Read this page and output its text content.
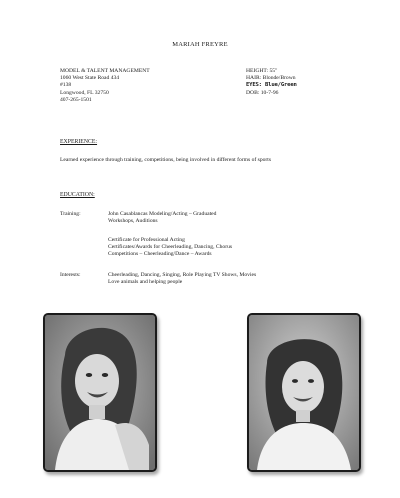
MARIAH FREYRE
MODEL & TALENT MANAGEMENT
1060 West State Road 434
#138
Longwood, FL 32750
407-265-1501
HEIGHT: 55"
HAIR: Blonde/Brown
EYES: Blue/Green
DOB: 10-7-96
EXPERIENCE:
Learned experience through training, competitions, being involved in different forms of sports
EDUCATION:
Training:	John Casablancas Modeling/Acting – Graduated
Workshops, Auditions
Certificate for Professional Acting
Certificates/Awards for Cheerleading, Dancing, Chorus
Competitions – Cheerleading/Dance – Awards
Interests:	Cheerleading, Dancing, Singing, Role Playing TV Shows, Movies
Love animals and helping people
